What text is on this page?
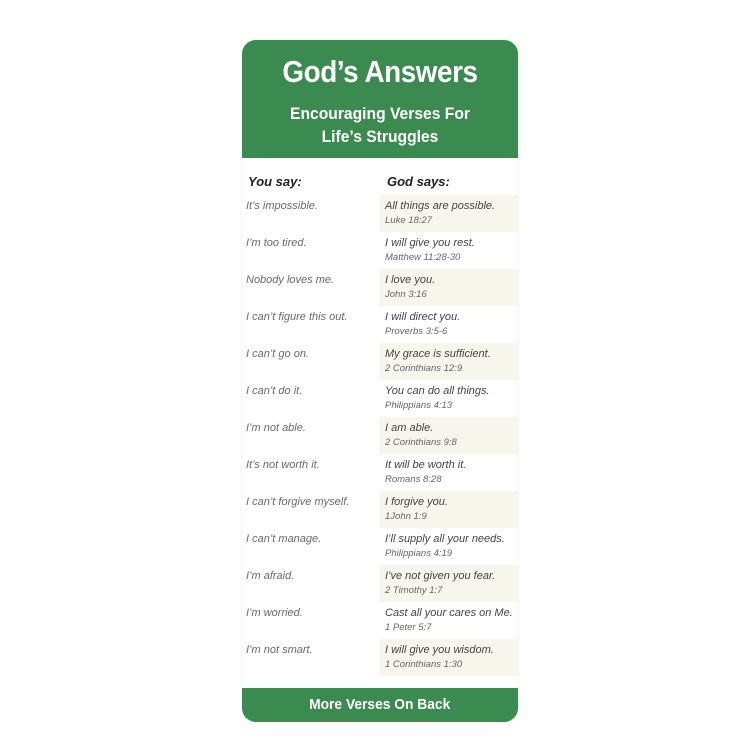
God’s Answers
Encouraging Verses For
Life’s Struggles
You say:	God says:
It’s impossible.	All things are possible.
Luke 18:27
I’m too tired.	I will give you rest.
Matthew 11:28-30
Nobody loves me.	I love you.
John 3:16
I can’t figure this out.	I will direct you.
Proverbs 3:5-6
I can’t go on.	My grace is sufficient.
2 Corinthians 12:9
I can’t do it.	You can do all things.
Philippians 4:13
I’m not able.	I am able.
2 Corinthians 9:8
It’s not worth it.	It will be worth it.
Romans 8:28
I can’t forgive myself.	I forgive you.
1John 1:9
I can’t manage.	I’ll supply all your needs.
Philippians 4:19
I’m afraid.	I’ve not given you fear.
2 Timothy 1:7
I’m worried.	Cast all your cares on Me.
1 Peter 5:7
I’m not smart.	I will give you wisdom.
1 Corinthians 1:30
More Verses On Back
